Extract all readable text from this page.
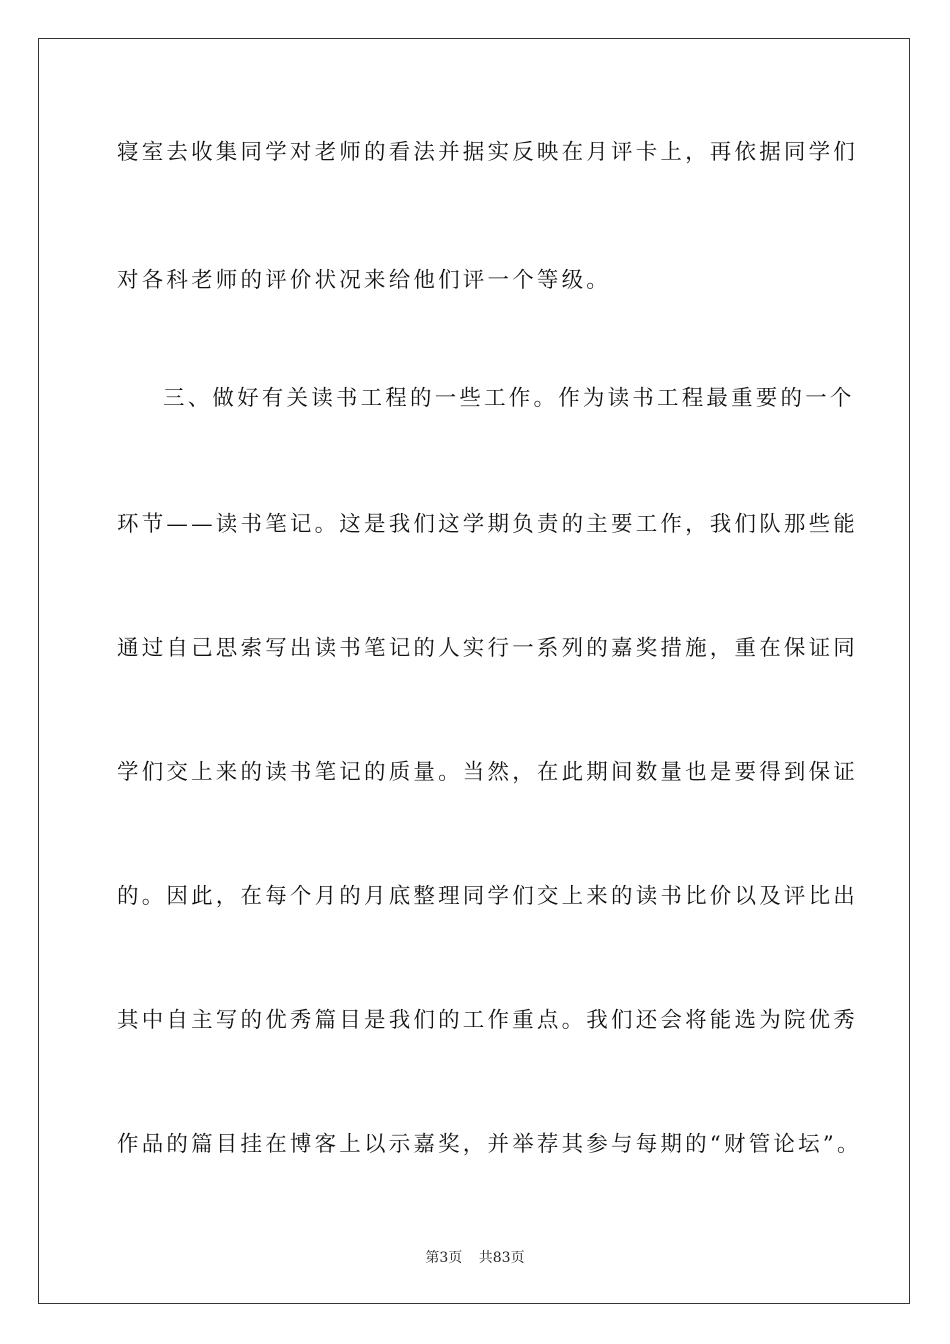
寝室去收集同学对老师的看法并据实反映在月评卡上，再依据同学们
对各科老师的评价状况来给他们评一个等级。
三、做好有关读书工程的一些工作。作为读书工程最重要的一个
环节——读书笔记。这是我们这学期负责的主要工作，我们队那些能
通过自己思索写出读书笔记的人实行一系列的嘉奖措施，重在保证同
学们交上来的读书笔记的质量。当然，在此期间数量也是要得到保证
的。因此，在每个月的月底整理同学们交上来的读书比价以及评比出
其中自主写的优秀篇目是我们的工作重点。我们还会将能选为院优秀
作品的篇目挂在博客上以示嘉奖，并举荐其参与每期的“财管论坛”。
第3页 共83页
